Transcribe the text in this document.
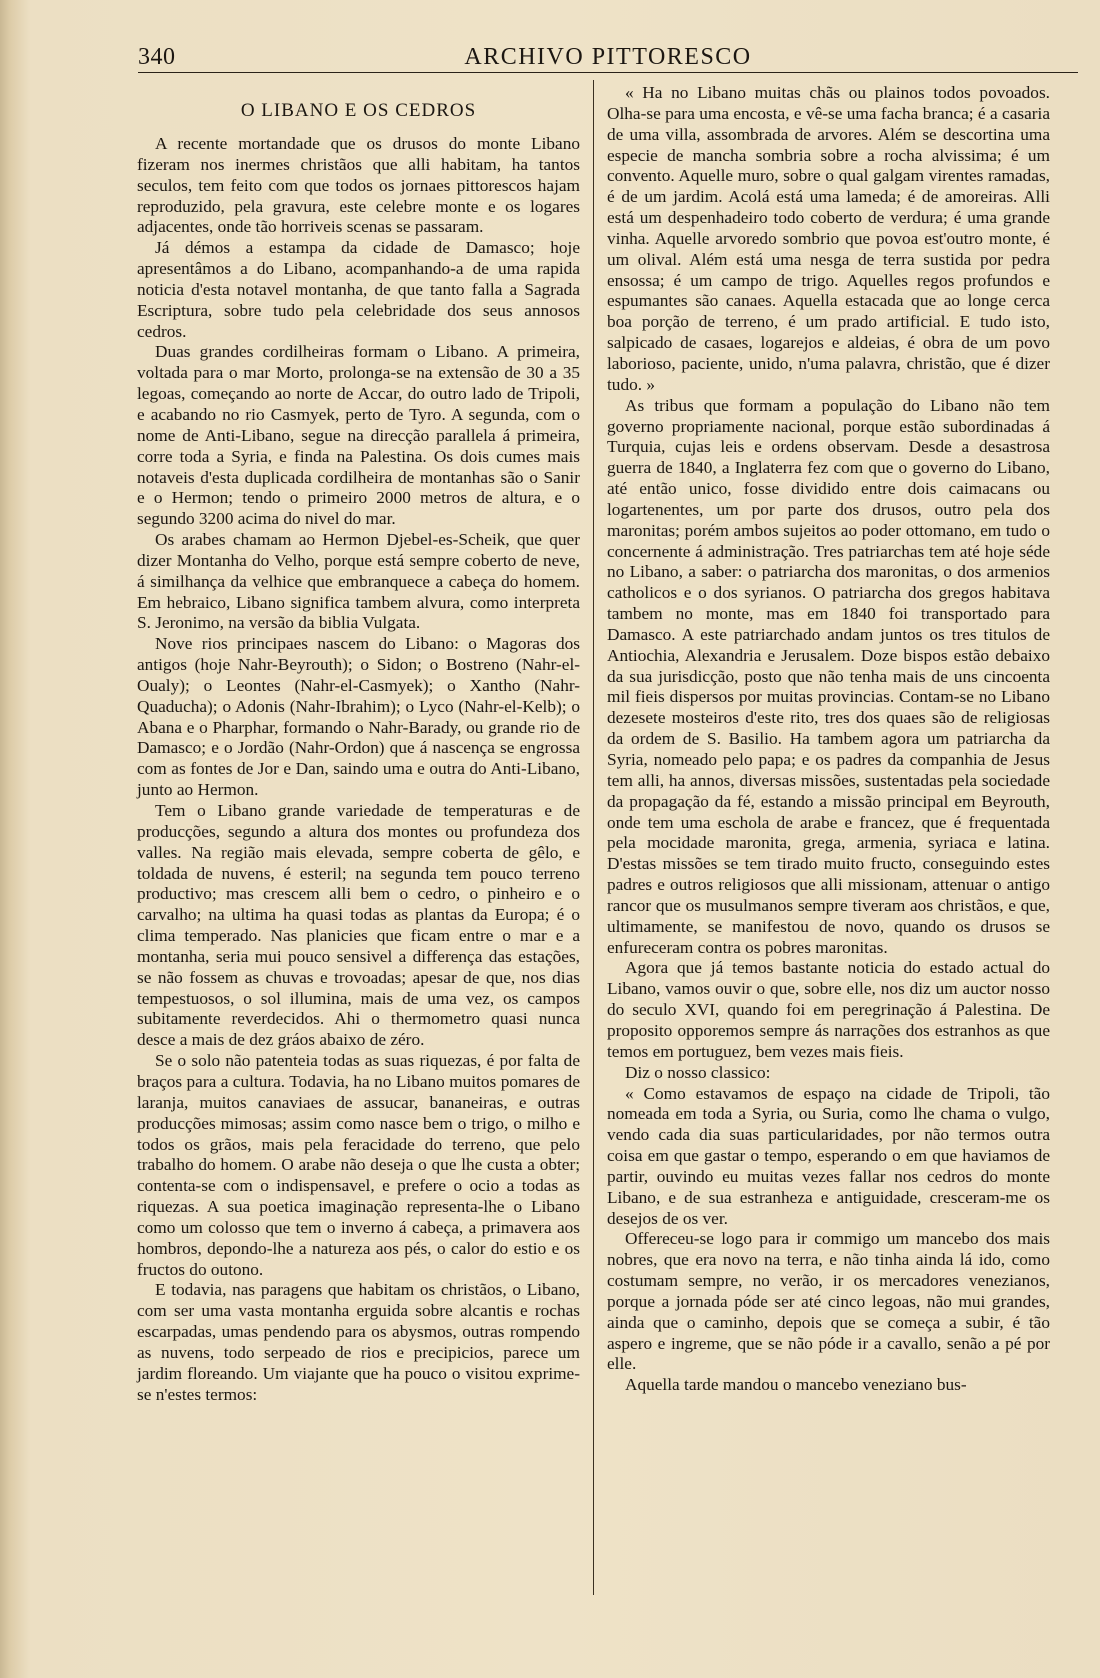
340	ARCHIVO PITTORESCO
O LIBANO E OS CEDROS

A recente mortandade que os drusos do monte Libano fizeram nos inermes christãos que alli habitam, ha tantos seculos, tem feito com que todos os jornaes pittorescos hajam reproduzido, pela gravura, este celebre monte e os logares adjacentes, onde tão horriveis scenas se passaram.

Já démos a estampa da cidade de Damasco; hoje apresentâmos a do Libano, acompanhando-a de uma rapida noticia d'esta notavel montanha, de que tanto falla a Sagrada Escriptura, sobre tudo pela celebridade dos seus annosos cedros.

Duas grandes cordilheiras formam o Libano. A primeira, voltada para o mar Morto, prolonga-se na extensão de 30 a 35 legoas, começando ao norte de Accar, do outro lado de Tripoli, e acabando no rio Casmyek, perto de Tyro. A segunda, com o nome de Anti-Libano, segue na direcção parallela á primeira, corre toda a Syria, e finda na Palestina. Os dois cumes mais notaveis d'esta duplicada cordilheira de montanhas são o Sanir e o Hermon; tendo o primeiro 2000 metros de altura, e o segundo 3200 acima do nivel do mar.

Os arabes chamam ao Hermon Djebel-es-Scheik, que quer dizer Montanha do Velho, porque está sempre coberto de neve, á similhança da velhice que embranquece a cabeça do homem. Em hebraico, Libano significa tambem alvura, como interpreta S. Jeronimo, na versão da biblia Vulgata.

Nove rios principaes nascem do Libano: o Magoras dos antigos (hoje Nahr-Beyrouth); o Sidon; o Bostreno (Nahr-el-Oualy); o Leontes (Nahr-el-Casmyek); o Xantho (Nahr-Quaducha); o Adonis (Nahr-Ibrahim); o Lyco (Nahr-el-Kelb); o Abana e o Pharphar, formando o Nahr-Barady, ou grande rio de Damasco; e o Jordão (Nahr-Ordon) que á nascença se engrossa com as fontes de Jor e Dan, saindo uma e outra do Anti-Libano, junto ao Hermon.

Tem o Libano grande variedade de temperaturas e de producções, segundo a altura dos montes ou profundeza dos valles. Na região mais elevada, sempre coberta de gêlo, e toldada de nuvens, é esteril; na segunda tem pouco terreno productivo; mas crescem alli bem o cedro, o pinheiro e o carvalho; na ultima ha quasi todas as plantas da Europa; é o clima temperado. Nas planicies que ficam entre o mar e a montanha, seria mui pouco sensivel a differença das estações, se não fossem as chuvas e trovoadas; apesar de que, nos dias tempestuosos, o sol illumina, mais de uma vez, os campos subitamente reverdecidos. Ahi o thermometro quasi nunca desce a mais de dez gráos abaixo de zéro.

Se o solo não patenteia todas as suas riquezas, é por falta de braços para a cultura. Todavia, ha no Libano muitos pomares de laranja, muitos canaviaes de assucar, bananeiras, e outras producções mimosas; assim como nasce bem o trigo, o milho e todos os grãos, mais pela feracidade do terreno, que pelo trabalho do homem. O arabe não deseja o que lhe custa a obter; contenta-se com o indispensavel, e prefere o ocio a todas as riquezas. A sua poetica imaginação representa-lhe o Libano como um colosso que tem o inverno á cabeça, a primavera aos hombros, depondo-lhe a natureza aos pés, o calor do estio e os fructos do outono.

E todavia, nas paragens que habitam os christãos, o Libano, com ser uma vasta montanha erguida sobre alcantis e rochas escarpadas, umas pendendo para os abysmos, outras rompendo as nuvens, todo serpeado de rios e precipicios, parece um jardim floreando. Um viajante que ha pouco o visitou exprime-se n'estes termos:

« Ha no Libano muitas chãs ou plainos todos povoados. Olha-se para uma encosta, e vê-se uma facha branca; é a casaria de uma villa, assombrada de arvores. Além se descortina uma especie de mancha sombria sobre a rocha alvissima; é um convento. Aquelle muro, sobre o qual galgam virentes ramadas, é de um jardim. Acolá está uma lameda; é de amoreiras. Alli está um despenhadeiro todo coberto de verdura; é uma grande vinha. Aquelle arvoredo sombrio que povoa est'outro monte, é um olival. Além está uma nesga de terra sustida por pedra ensossa; é um campo de trigo. Aquelles regos profundos e espumantes são canaes. Aquella estacada que ao longe cerca boa porção de terreno, é um prado artificial. E tudo isto, salpicado de casaes, logarejos e aldeias, é obra de um povo laborioso, paciente, unido, n'uma palavra, christão, que é dizer tudo. »

As tribus que formam a população do Libano não tem governo propriamente nacional, porque estão subordinadas á Turquia, cujas leis e ordens observam. Desde a desastrosa guerra de 1840, a Inglaterra fez com que o governo do Libano, até então unico, fosse dividido entre dois caimacans ou logartenentes, um por parte dos drusos, outro pela dos maronitas; porém ambos sujeitos ao poder ottomano, em tudo o concernente á administração. Tres patriarchas tem até hoje séde no Libano, a saber: o patriarcha dos maronitas, o dos armenios catholicos e o dos syrianos. O patriarcha dos gregos habitava tambem no monte, mas em 1840 foi transportado para Damasco. A este patriarchado andam juntos os tres titulos de Antiochia, Alexandria e Jerusalem. Doze bispos estão debaixo da sua jurisdicção, posto que não tenha mais de uns cincoenta mil fieis dispersos por muitas provincias. Contam-se no Libano dezesete mosteiros d'este rito, tres dos quaes são de religiosas da ordem de S. Basilio. Ha tambem agora um patriarcha da Syria, nomeado pelo papa; e os padres da companhia de Jesus tem alli, ha annos, diversas missões, sustentadas pela sociedade da propagação da fé, estando a missão principal em Beyrouth, onde tem uma eschola de arabe e francez, que é frequentada pela mocidade maronita, grega, armenia, syriaca e latina. D'estas missões se tem tirado muito fructo, conseguindo estes padres e outros religiosos que alli missionam, attenuar o antigo rancor que os musulmanos sempre tiveram aos christãos, e que, ultimamente, se manifestou de novo, quando os drusos se enfureceram contra os pobres maronitas.

Agora que já temos bastante noticia do estado actual do Libano, vamos ouvir o que, sobre elle, nos diz um auctor nosso do seculo XVI, quando foi em peregrinação á Palestina. De proposito opporemos sempre ás narrações dos estranhos as que temos em portuguez, bem vezes mais fieis.

Diz o nosso classico:

« Como estavamos de espaço na cidade de Tripoli, tão nomeada em toda a Syria, ou Suria, como lhe chama o vulgo, vendo cada dia suas particularidades, por não termos outra coisa em que gastar o tempo, esperando o em que haviamos de partir, ouvindo eu muitas vezes fallar nos cedros do monte Libano, e de sua estranheza e antiguidade, cresceram-me os desejos de os ver.

Offereceu-se logo para ir commigo um mancebo dos mais nobres, que era novo na terra, e não tinha ainda lá ido, como costumam sempre, no verão, ir os mercadores venezianos, porque a jornada póde ser até cinco legoas, não mui grandes, ainda que o caminho, depois que se começa a subir, é tão aspero e ingreme, que se não póde ir a cavallo, senão a pé por elle.

Aquella tarde mandou o mancebo veneziano bus-
